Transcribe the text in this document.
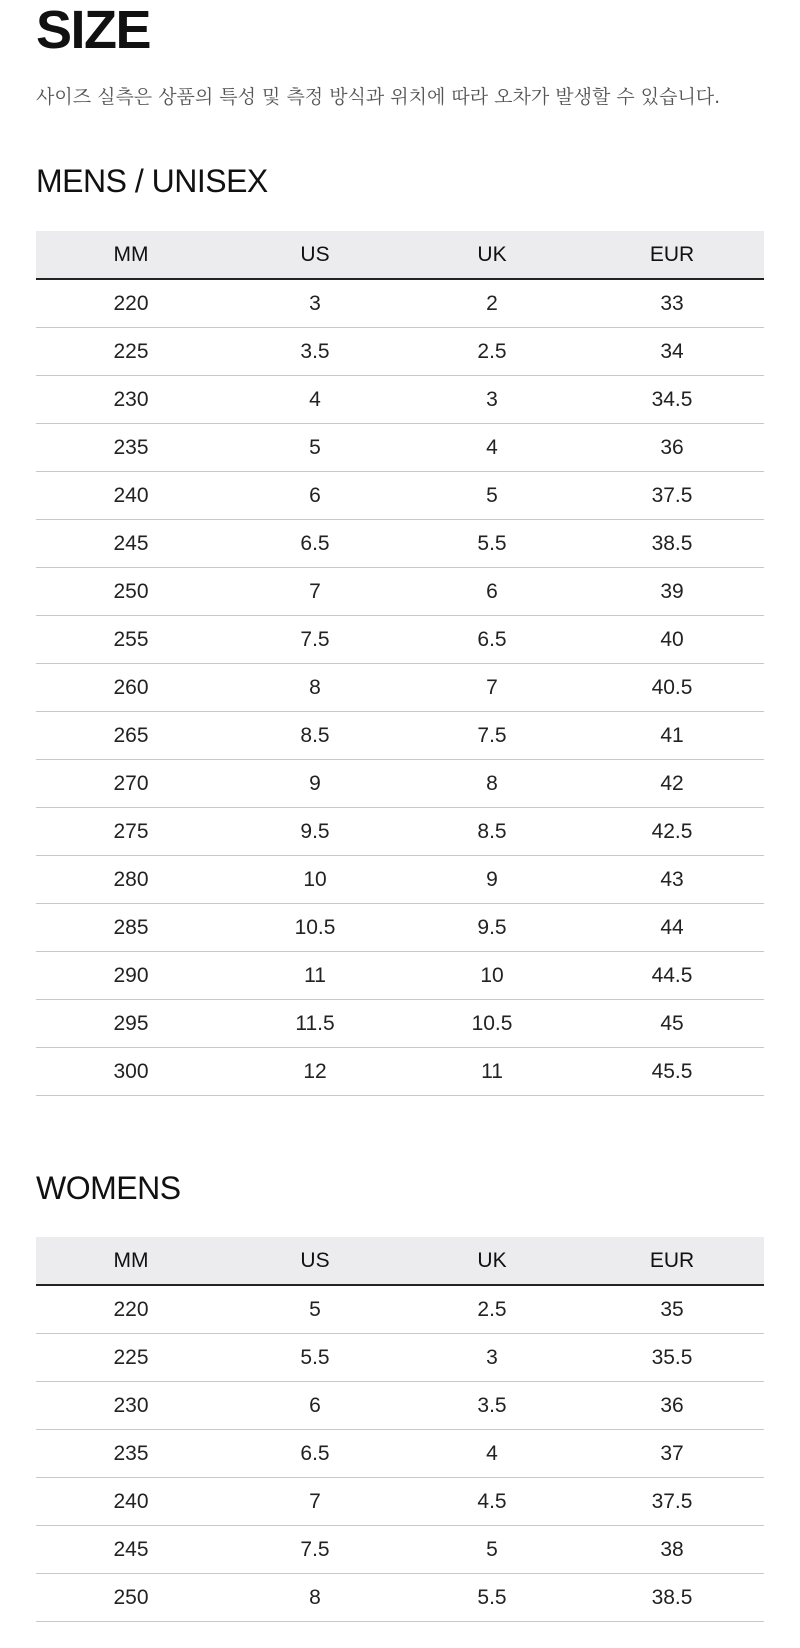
SIZE
사이즈 실측은 상품의 특성 및 측정 방식과 위치에 따라 오차가 발생할 수 있습니다.
MENS / UNISEX
MM	US	UK	EUR
220	3	2	33
225	3.5	2.5	34
230	4	3	34.5
235	5	4	36
240	6	5	37.5
245	6.5	5.5	38.5
250	7	6	39
255	7.5	6.5	40
260	8	7	40.5
265	8.5	7.5	41
270	9	8	42
275	9.5	8.5	42.5
280	10	9	43
285	10.5	9.5	44
290	11	10	44.5
295	11.5	10.5	45
300	12	11	45.5
WOMENS
MM	US	UK	EUR
220	5	2.5	35
225	5.5	3	35.5
230	6	3.5	36
235	6.5	4	37
240	7	4.5	37.5
245	7.5	5	38
250	8	5.5	38.5
